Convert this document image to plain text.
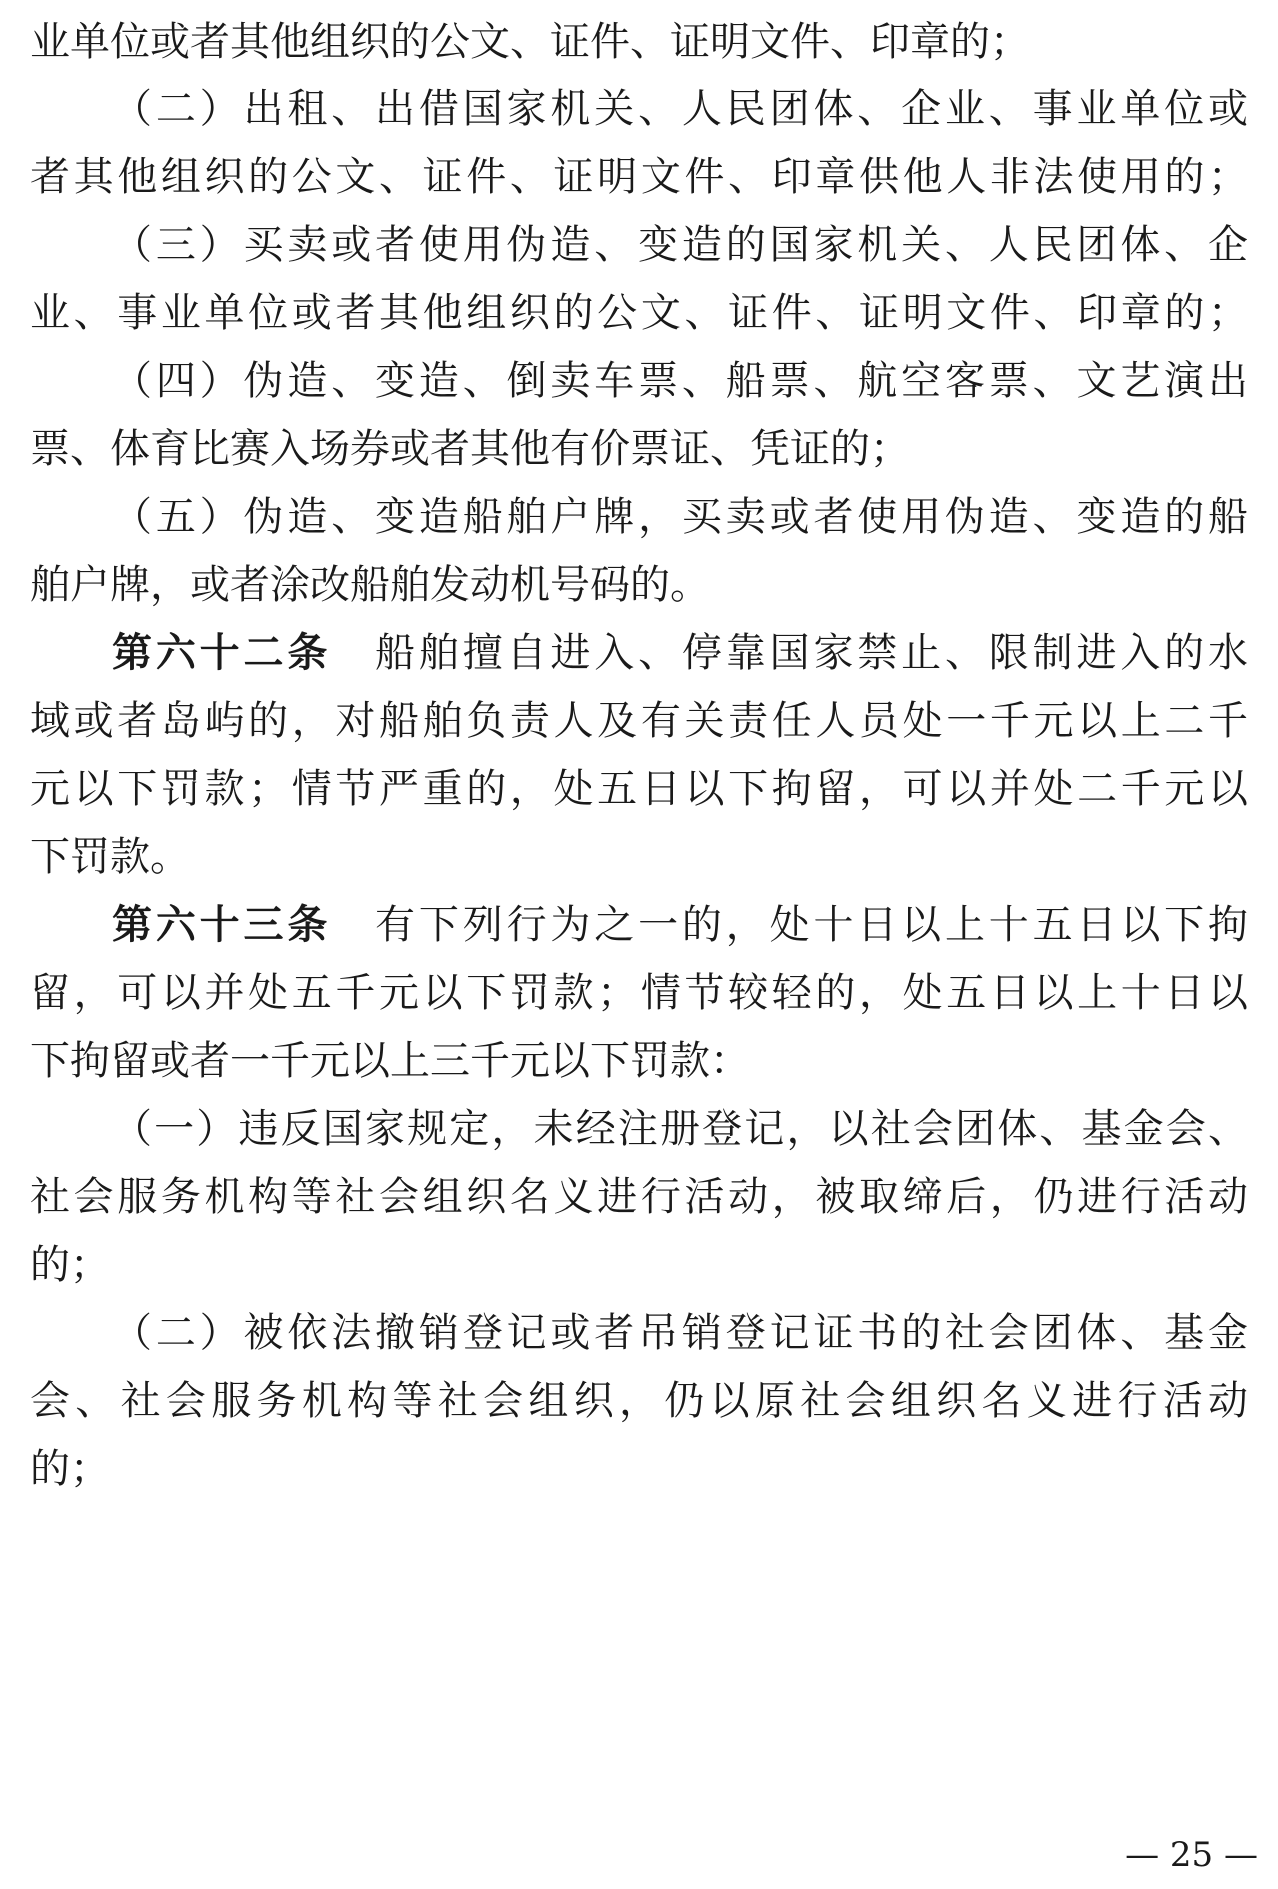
业单位或者其他组织的公文、证件、证明文件、印章的；
（二）出租、出借国家机关、人民团体、企业、事业单位或
者其他组织的公文、证件、证明文件、印章供他人非法使用的；
（三）买卖或者使用伪造、变造的国家机关、人民团体、企
业、事业单位或者其他组织的公文、证件、证明文件、印章的；
（四）伪造、变造、倒卖车票、船票、航空客票、文艺演出
票、体育比赛入场券或者其他有价票证、凭证的；
（五）伪造、变造船舶户牌，买卖或者使用伪造、变造的船
舶户牌，或者涂改船舶发动机号码的。
第六十二条 船舶擅自进入、停靠国家禁止、限制进入的水
域或者岛屿的，对船舶负责人及有关责任人员处一千元以上二千
元以下罚款；情节严重的，处五日以下拘留，可以并处二千元以
下罚款。
第六十三条 有下列行为之一的，处十日以上十五日以下拘
留，可以并处五千元以下罚款；情节较轻的，处五日以上十日以
下拘留或者一千元以上三千元以下罚款：
（一）违反国家规定，未经注册登记，以社会团体、基金会、
社会服务机构等社会组织名义进行活动，被取缔后，仍进行活动
的；
（二）被依法撤销登记或者吊销登记证书的社会团体、基金
会、社会服务机构等社会组织，仍以原社会组织名义进行活动
的；
— 25 —
